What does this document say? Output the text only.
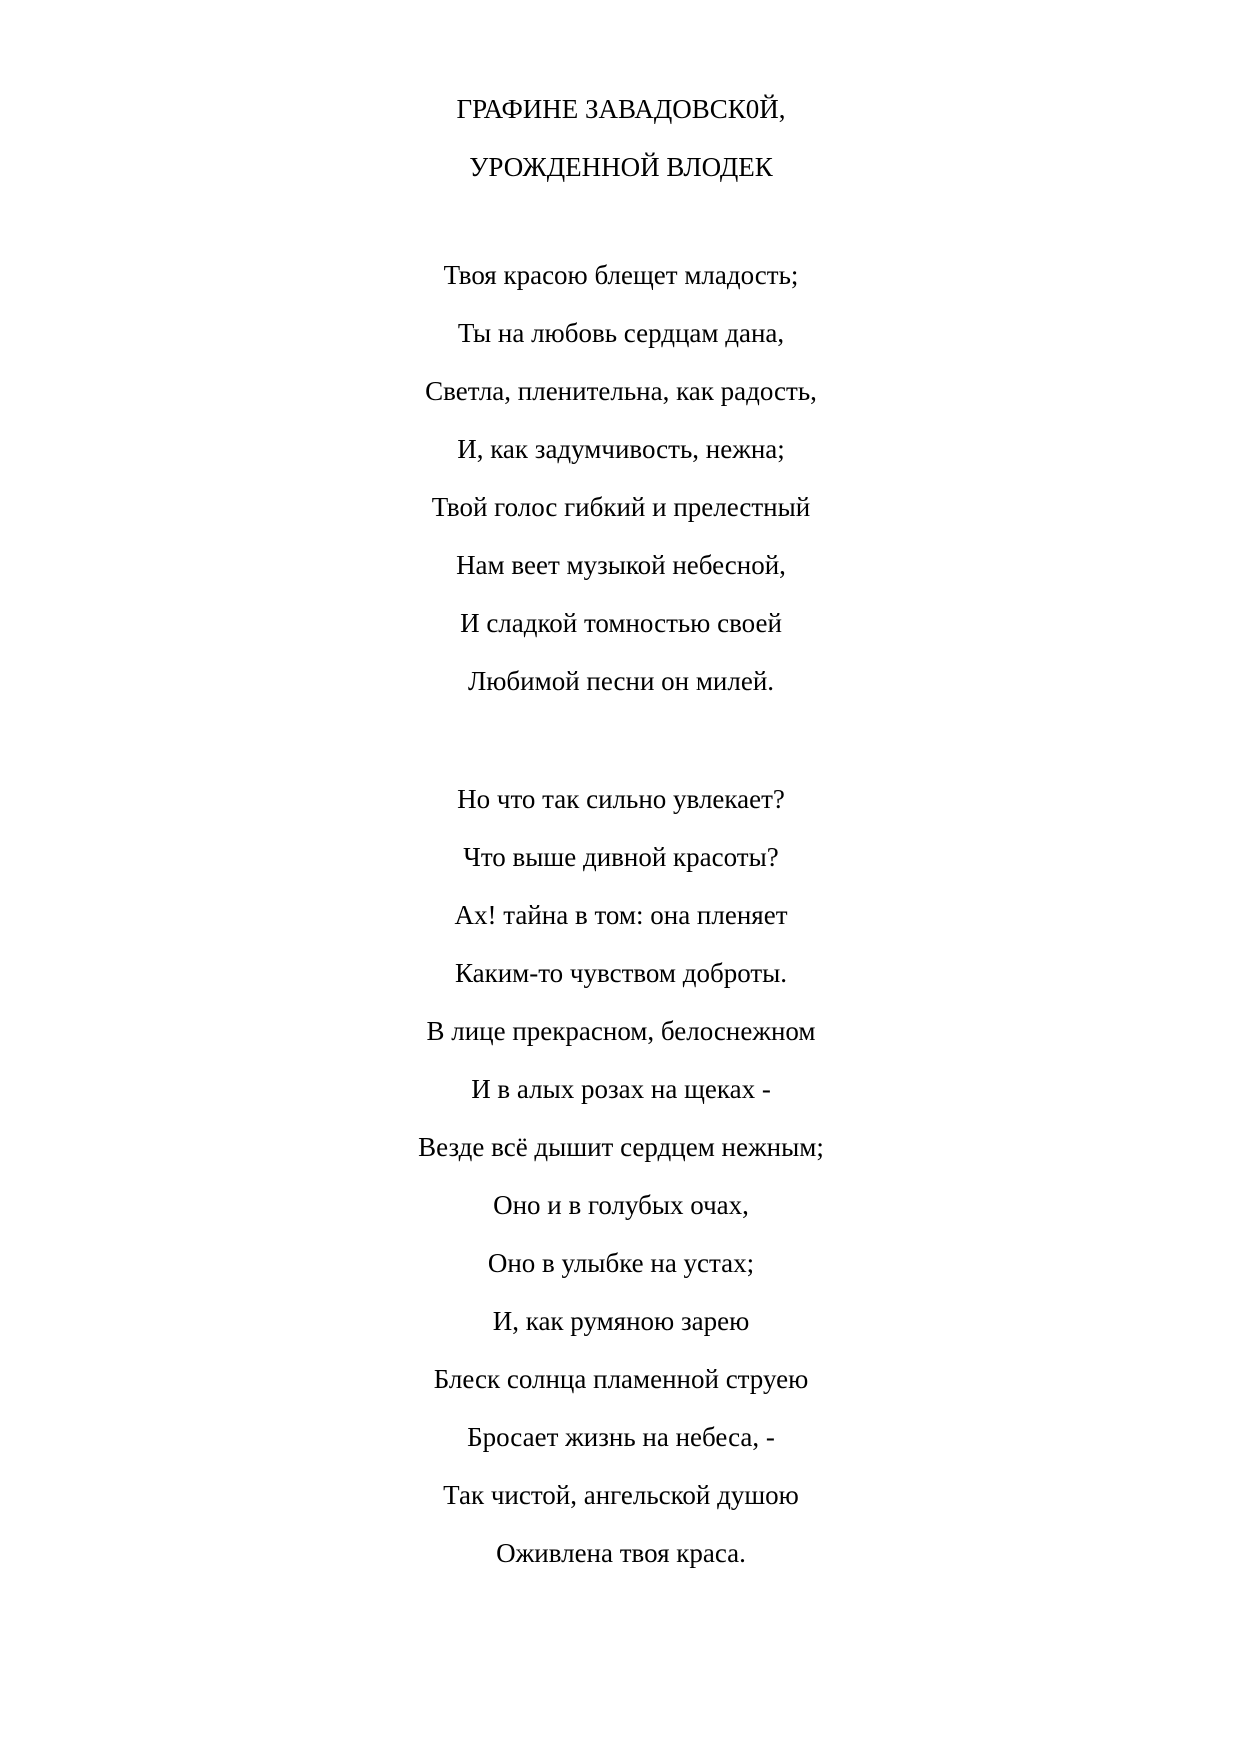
ГРАФИНЕ ЗАВАДОВСК0Й,
УРОЖДЕННОЙ ВЛОДЕК
Твоя красою блещет младость;
Ты на любовь сердцам дана,
Светла, пленительна, как радость,
И, как задумчивость, нежна;
Твой голос гибкий и прелестный
Нам веет музыкой небесной,
И сладкой томностью своей
Любимой песни он милей.
Но что так сильно увлекает?
Что выше дивной красоты?
Ах! тайна в том: она пленяет
Каким-то чувством доброты.
В лице прекрасном, белоснежном
И в алых розах на щеках -
Везде всё дышит сердцем нежным;
Оно и в голубых очах,
Оно в улыбке на устах;
И, как румяною зарею
Блеск солнца пламенной струею
Бросает жизнь на небеса, -
Так чистой, ангельской душою
Оживлена твоя краса.
